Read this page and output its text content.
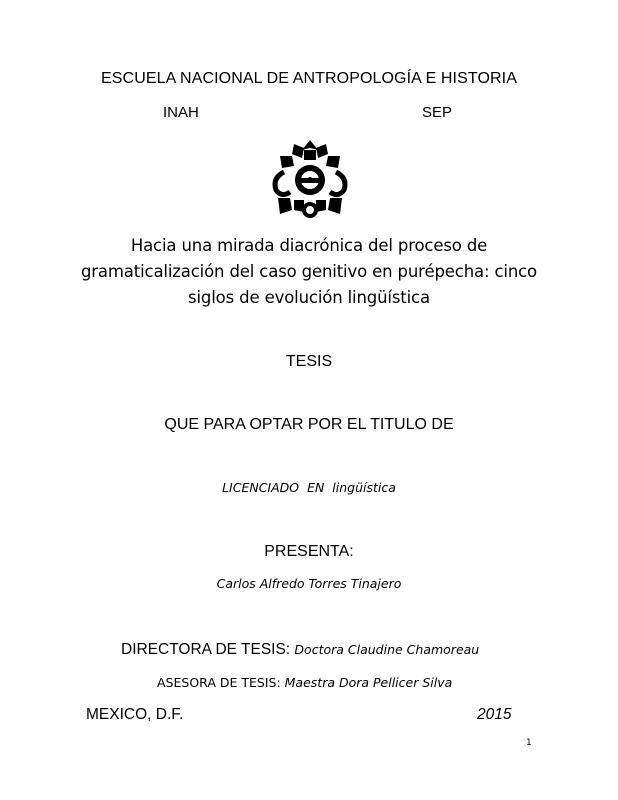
ESCUELA NACIONAL DE ANTROPOLOGÍA E HISTORIA
INAH	SEP
Hacia una mirada diacrónica del proceso de
gramaticalización del caso genitivo en purépecha: cinco
siglos de evolución lingüística
TESIS
QUE PARA OPTAR POR EL TITULO DE
LICENCIADO  EN  lingüística
PRESENTA:
Carlos Alfredo Torres Tinajero
DIRECTORA DE TESIS: Doctora Claudine Chamoreau
ASESORA DE TESIS: Maestra Dora Pellicer Silva
MEXICO, D.F.	2015
1
